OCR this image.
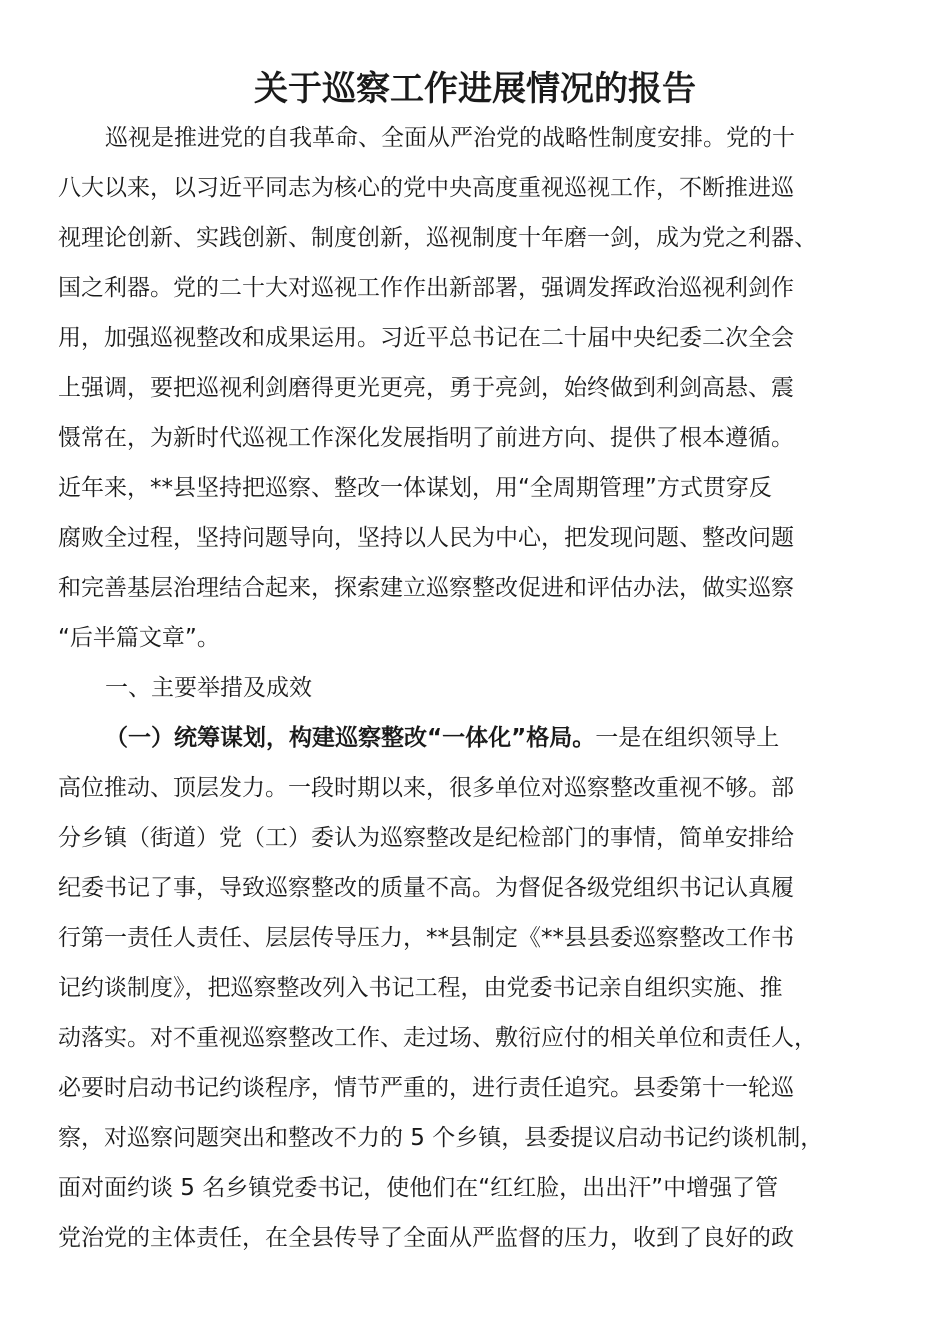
关于巡察工作进展情况的报告
巡视是推进党的自我革命、全面从严治党的战略性制度安排。党的十
八大以来，以习近平同志为核心的党中央高度重视巡视工作，不断推进巡
视理论创新、实践创新、制度创新，巡视制度十年磨一剑，成为党之利器、
国之利器。党的二十大对巡视工作作出新部署，强调发挥政治巡视利剑作
用，加强巡视整改和成果运用。习近平总书记在二十届中央纪委二次全会
上强调，要把巡视利剑磨得更光更亮，勇于亮剑，始终做到利剑高悬、震
慑常在，为新时代巡视工作深化发展指明了前进方向、提供了根本遵循。
近年来，**县坚持把巡察、整改一体谋划，用“全周期管理”方式贯穿反
腐败全过程，坚持问题导向，坚持以人民为中心，把发现问题、整改问题
和完善基层治理结合起来，探索建立巡察整改促进和评估办法，做实巡察
“后半篇文章”。
一、主要举措及成效
（一）统筹谋划，构建巡察整改“一体化”格局。一是在组织领导上
高位推动、顶层发力。一段时期以来，很多单位对巡察整改重视不够。部
分乡镇（街道）党（工）委认为巡察整改是纪检部门的事情，简单安排给
纪委书记了事，导致巡察整改的质量不高。为督促各级党组织书记认真履
行第一责任人责任、层层传导压力，**县制定《**县县委巡察整改工作书
记约谈制度》，把巡察整改列入书记工程，由党委书记亲自组织实施、推
动落实。对不重视巡察整改工作、走过场、敷衍应付的相关单位和责任人，
必要时启动书记约谈程序，情节严重的，进行责任追究。县委第十一轮巡
察，对巡察问题突出和整改不力的 5 个乡镇，县委提议启动书记约谈机制，
面对面约谈 5 名乡镇党委书记，使他们在“红红脸，出出汗”中增强了管
党治党的主体责任，在全县传导了全面从严监督的压力，收到了良好的政
